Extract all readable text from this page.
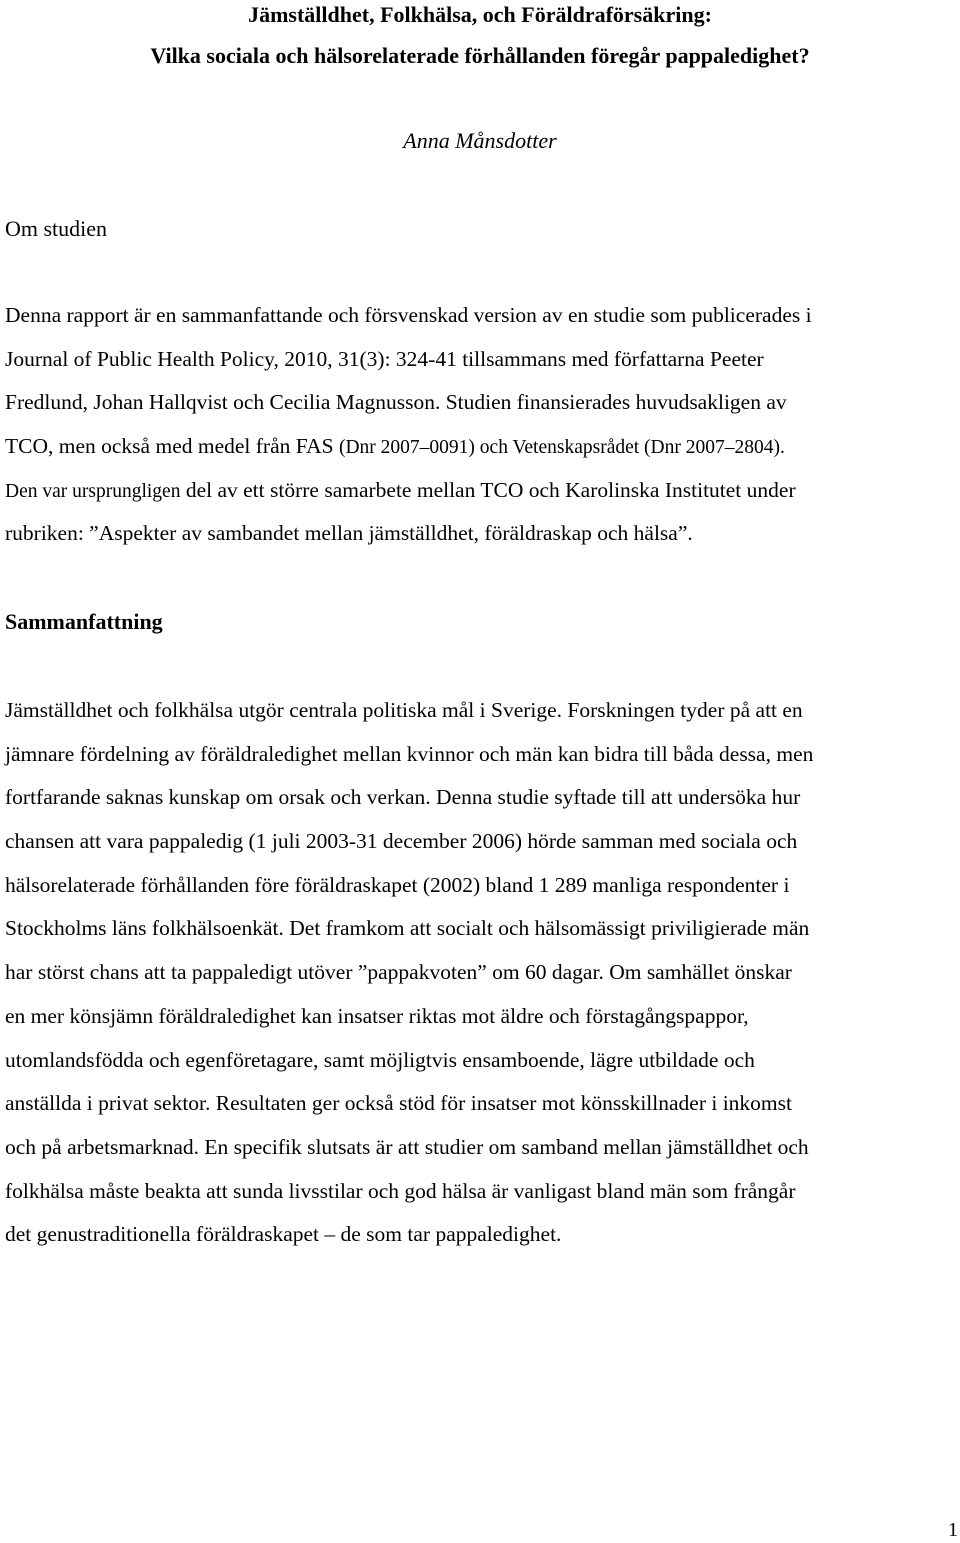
Jämställdhet, Folkhälsa, och Föräldraförsäkring:
Vilka sociala och hälsorelaterade förhållanden föregår pappaledighet?

Anna Månsdotter

Om studien
Denna rapport är en sammanfattande och försvenskad version av en studie som publicerades i
Journal of Public Health Policy, 2010, 31(3): 324-41 tillsammans med författarna Peeter
Fredlund, Johan Hallqvist och Cecilia Magnusson. Studien finansierades huvudsakligen av
TCO, men också med medel från FAS (Dnr 2007–0091) och Vetenskapsrådet (Dnr 2007–2804).
Den var ursprungligen del av ett större samarbete mellan TCO och Karolinska Institutet under
rubriken: ”Aspekter av sambandet mellan jämställdhet, föräldraskap och hälsa”.
Sammanfattning
Jämställdhet och folkhälsa utgör centrala politiska mål i Sverige. Forskningen tyder på att en
jämnare fördelning av föräldraledighet mellan kvinnor och män kan bidra till båda dessa, men
fortfarande saknas kunskap om orsak och verkan. Denna studie syftade till att undersöka hur
chansen att vara pappaledig (1 juli 2003-31 december 2006) hörde samman med sociala och
hälsorelaterade förhållanden före föräldraskapet (2002) bland 1 289 manliga respondenter i
Stockholms läns folkhälsoenkät. Det framkom att socialt och hälsomässigt priviligierade män
har störst chans att ta pappaledigt utöver ”pappakvoten” om 60 dagar. Om samhället önskar
en mer könsjämn föräldraledighet kan insatser riktas mot äldre och förstagångspappor,
utomlandsfödda och egenföretagare, samt möjligtvis ensamboende, lägre utbildade och
anställda i privat sektor. Resultaten ger också stöd för insatser mot könsskillnader i inkomst
och på arbetsmarknad. En specifik slutsats är att studier om samband mellan jämställdhet och
folkhälsa måste beakta att sunda livsstilar och god hälsa är vanligast bland män som frångår
det genustraditionella föräldraskapet – de som tar pappaledighet.
1
